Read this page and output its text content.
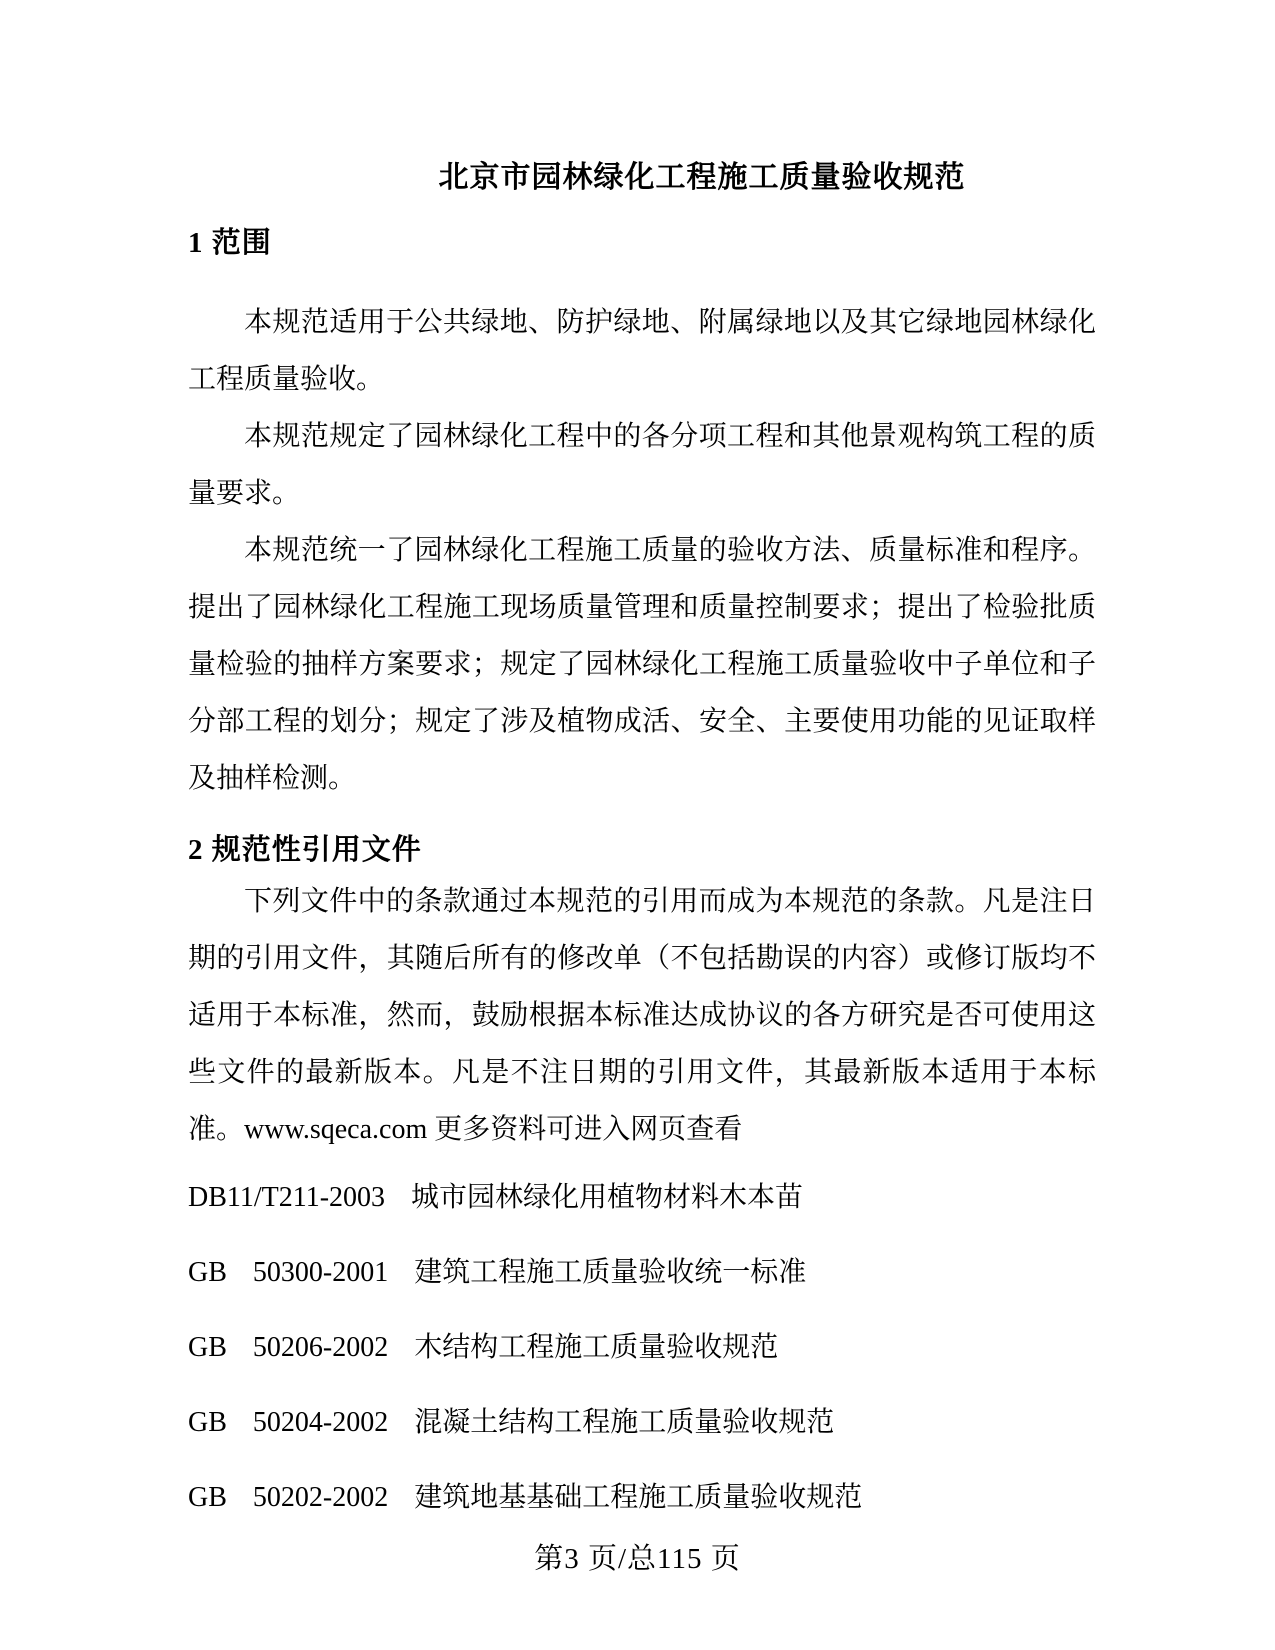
北京市园林绿化工程施工质量验收规范
1 范围

本规范适用于公共绿地、防护绿地、附属绿地以及其它绿地园林绿化工程质量验收。

本规范规定了园林绿化工程中的各分项工程和其他景观构筑工程的质量要求。

本规范统一了园林绿化工程施工质量的验收方法、质量标准和程序。提出了园林绿化工程施工现场质量管理和质量控制要求；提出了检验批质量检验的抽样方案要求；规定了园林绿化工程施工质量验收中子单位和子分部工程的划分；规定了涉及植物成活、安全、主要使用功能的见证取样及抽样检测。

2 规范性引用文件

下列文件中的条款通过本规范的引用而成为本规范的条款。凡是注日期的引用文件，其随后所有的修改单（不包括勘误的内容）或修订版均不适用于本标准，然而，鼓励根据本标准达成协议的各方研究是否可使用这些文件的最新版本。凡是不注日期的引用文件，其最新版本适用于本标准。www.sqeca.com 更多资料可进入网页查看

DB11/T211-2003 城市园林绿化用植物材料木本苗
GB 50300-2001 建筑工程施工质量验收统一标准
GB 50206-2002 木结构工程施工质量验收规范
GB 50204-2002 混凝土结构工程施工质量验收规范
GB 50202-2002 建筑地基基础工程施工质量验收规范
第3 页/总115 页
